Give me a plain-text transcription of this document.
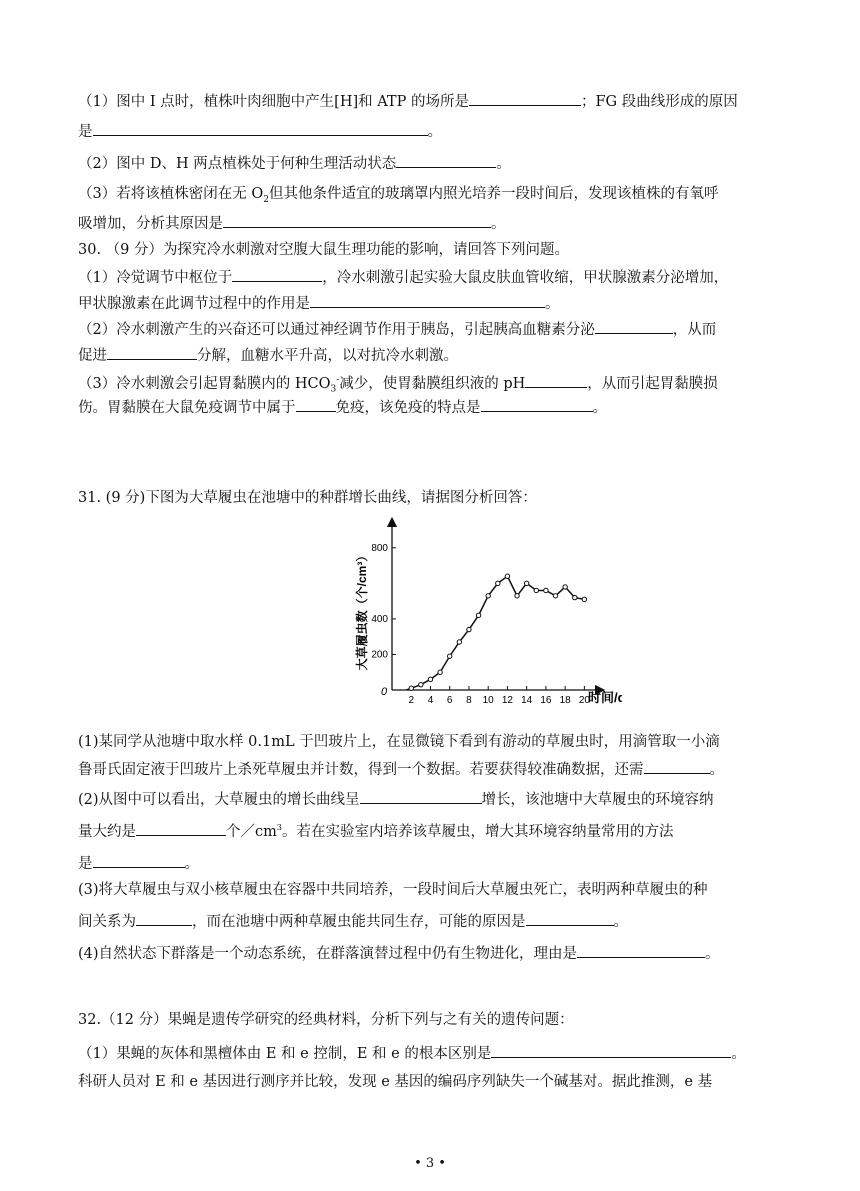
（1）图中 I 点时，植株叶肉细胞中产生[H]和 ATP 的场所是	；FG 段曲线形成的原因
是	。
（2）图中 D、H 两点植株处于何种生理活动状态	。
（3）若将该植株密闭在无 $O_2$但其他条件适宜的玻璃罩内照光培养一段时间后，发现该植株的有氧呼
吸增加，分析其原因是	。
30. （9 分）为探究冷水刺激对空腹大鼠生理功能的影响，请回答下列问题。
（1）冷觉调节中枢位于	，冷水刺激引起实验大鼠皮肤血管收缩，甲状腺激素分泌增加，
甲状腺激素在此调节过程中的作用是	。
（2）冷水刺激产生的兴奋还可以通过神经调节作用于胰岛，引起胰高血糖素分泌	，从而
促进	分解，血糖水平升高，以对抗冷水刺激。
（3）冷水刺激会引起胃黏膜内的 $HCO_3^-$减少，使胃黏膜组织液的 pH	，从而引起胃黏膜损
伤。胃黏膜在大鼠免疫调节中属于	免疫，该免疫的特点是	。
31. (9 分)下图为大草履虫在池塘中的种群增长曲线，请据图分析回答：
0	时间/d
大草履虫数（个/cm³）
2 4 6 8 10 12 14 16 18 20
200
400
800
(1)某同学从池塘中取水样 0.1mL 于凹玻片上，在显微镜下看到有游动的草履虫时，用滴管取一小滴
鲁哥氏固定液于凹玻片上杀死草履虫并计数，得到一个数据。若要获得较准确数据，还需	。
(2)从图中可以看出，大草履虫的增长曲线呈	增长，该池塘中大草履虫的环境容纳
量大约是	个$/cm^3$。若在实验室内培养该草履虫，增大其环境容纳量常用的方法
是	。
(3)将大草履虫与双小核草履虫在容器中共同培养，一段时间后大草履虫死亡，表明两种草履虫的种
间关系为	，而在池塘中两种草履虫能共同生存，可能的原因是	。
(4)自然状态下群落是一个动态系统，在群落演替过程中仍有生物进化，理由是	。
32.（12 分）果蝇是遗传学研究的经典材料，分析下列与之有关的遗传问题：
（1）果蝇的灰体和黑檀体由 E 和 e 控制，E 和 e 的根本区别是	。
科研人员对 E 和 e 基因进行测序并比较，发现 e 基因的编码序列缺失一个碱基对。据此推测，e 基
• 3 •
